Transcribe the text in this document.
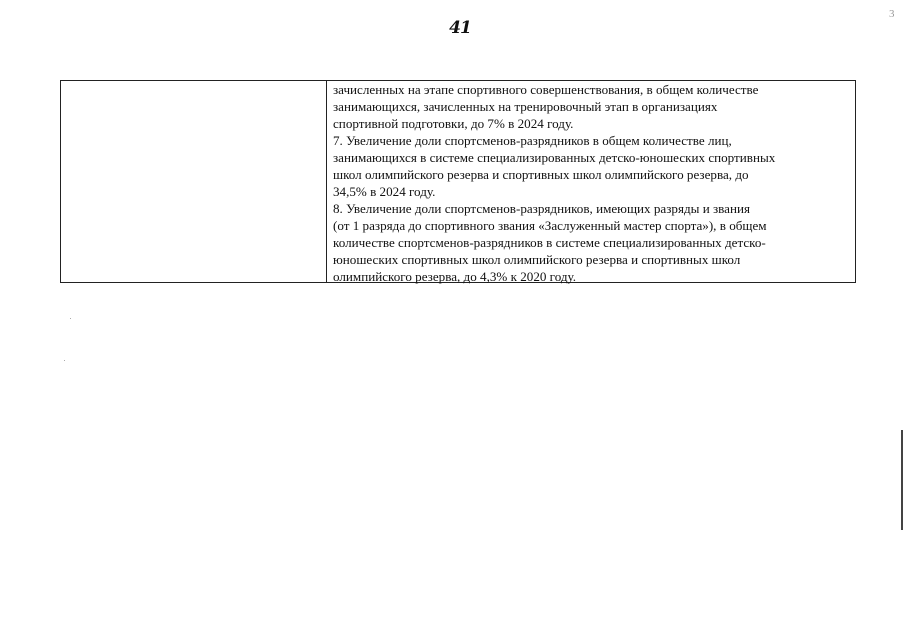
41
3

зачисленных на этапе спортивного совершенствования, в общем количестве

занимающихся, зачисленных на тренировочный этап в организациях

спортивной подготовки, до 7% в 2024 году.

7. Увеличение доли спортсменов-разрядников в общем количестве лиц,

занимающихся в системе специализированных детско-юношеских спортивных

школ олимпийского резерва и спортивных школ олимпийского резерва, до

34,5% в 2024 году.

8. Увеличение доли спортсменов-разрядников, имеющих разряды и звания

(от 1 разряда до спортивного звания «Заслуженный мастер спорта»), в общем

количестве спортсменов-разрядников в системе специализированных детско-

юношеских спортивных школ олимпийского резерва и спортивных школ

олимпийского резерва, до 4,3% к 2020 году.
